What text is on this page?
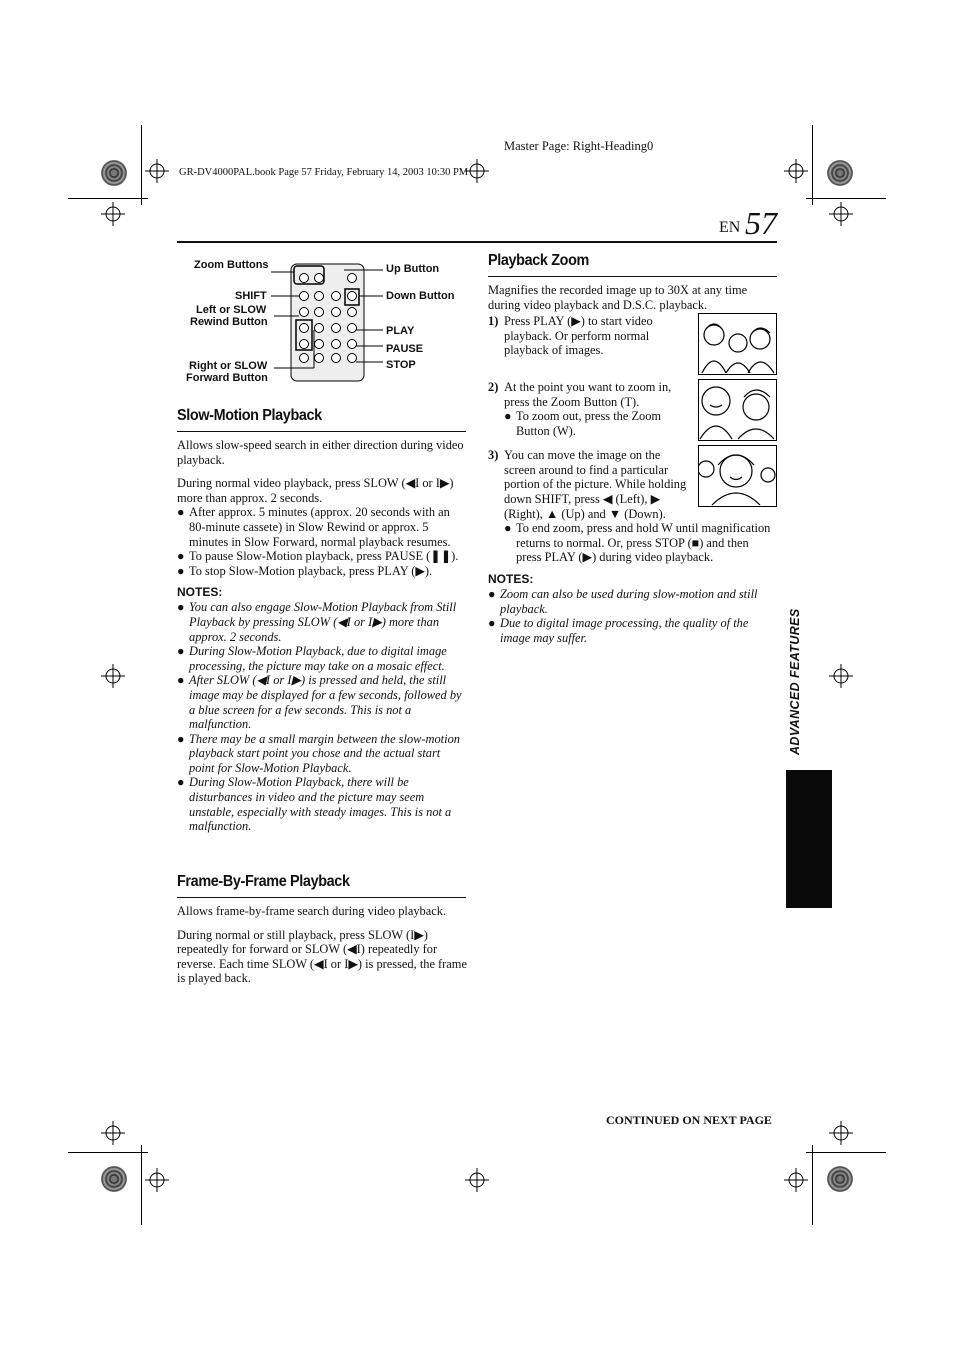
Master Page: Right-Heading0
GR-DV4000PAL.book Page 57 Friday, February 14, 2003 10:30 PM
EN 57
Zoom Buttons
SHIFT
Left or SLOW
Rewind Button
Right or SLOW
Forward Button
Up Button
Down Button
PLAY
PAUSE
STOP
Slow-Motion Playback
Allows slow-speed search in either direction during video playback.
During normal video playback, press SLOW (◀I or I▶) more than approx. 2 seconds.
● After approx. 5 minutes (approx. 20 seconds with an 80-minute cassete) in Slow Rewind or approx. 5 minutes in Slow Forward, normal playback resumes.
● To pause Slow-Motion playback, press PAUSE (❚❚).
● To stop Slow-Motion playback, press PLAY (▶).
NOTES:
● You can also engage Slow-Motion Playback from Still Playback by pressing SLOW (◀I or I▶) more than approx. 2 seconds.
● During Slow-Motion Playback, due to digital image processing, the picture may take on a mosaic effect.
● After SLOW (◀I or I▶) is pressed and held, the still image may be displayed for a few seconds, followed by a blue screen for a few seconds. This is not a malfunction.
● There may be a small margin between the slow-motion playback start point you chose and the actual start point for Slow-Motion Playback.
● During Slow-Motion Playback, there will be disturbances in video and the picture may seem unstable, especially with steady images. This is not a malfunction.
Frame-By-Frame Playback
Allows frame-by-frame search during video playback.
During normal or still playback, press SLOW (I▶) repeatedly for forward or SLOW (◀I) repeatedly for reverse. Each time SLOW (◀I or I▶) is pressed, the frame is played back.
Playback Zoom
Magnifies the recorded image up to 30X at any time during video playback and D.S.C. playback.
1) Press PLAY (▶) to start video playback. Or perform normal playback of images.
2) At the point you want to zoom in, press the Zoom Button (T).
● To zoom out, press the Zoom Button (W).
3) You can move the image on the screen around to find a particular portion of the picture. While holding down SHIFT, press ◀ (Left), ▶ (Right), ▲ (Up) and ▼ (Down).
● To end zoom, press and hold W until magnification returns to normal. Or, press STOP (■) and then press PLAY (▶) during video playback.
NOTES:
● Zoom can also be used during slow-motion and still playback.
● Due to digital image processing, the quality of the image may suffer.	ADVANCED FEATURES
CONTINUED ON NEXT PAGE
